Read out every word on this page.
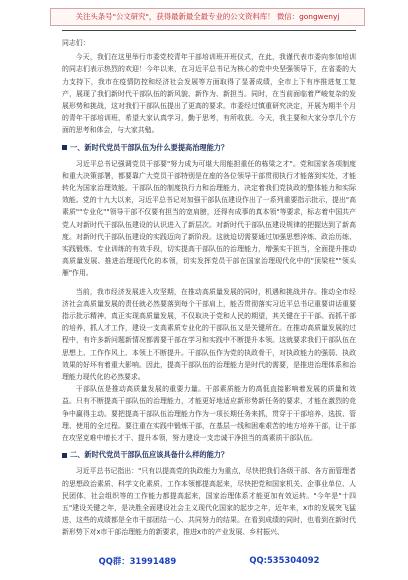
关注头条号"公文研究"，获得最新最全最专业的公文资料库！ 微信：gongwenyj

同志们：

今天，我们在这里举行市委党校青年干部培训班开班仪式，在此，我谨代表市委向参加培训的同志们表示热烈的欢迎！今年以来，在习近平总书记为核心的党中央坚强领导下，在省委的大力支持下，我市在疫情防控和经济社会发展等方面取得了显著成绩，全市上下有序推进复工复产，展现了我们新时代干部队伍的新风貌、新作为、新担当。同时，在当前面临着严峻复杂的发展形势和挑战，这对我们干部队伍提出了更高的要求。市委经过慎重研究决定，开展为期半个月的青年干部培训班，希望大家认真学习，勤于思考，有所收获。今天，我主要和大家分享几个方面的思考和体会，与大家共勉。

一、新时代党员干部队伍为什么要提高治理能力？

习近平总书记强调党员干部要"努力成为可堪大用能担重任的栋梁之才"。党和国家各项制度和重大决策部署，都要靠广大党员干部特别是在座的各位领导干部贯彻执行才能落到实处，才能转化为国家治理效能。干部队伍的制度执行力和治理能力，决定着我们党执政的整体能力和实际效能。党的十九大以来，习近平总书记对加强干部队伍建设作出了一系列重要指示批示，提出"高素质""专业化""领导干部不仅要有担当的宽肩膀，还得有成事的真本领"等要求，标志着中国共产党人对新时代干部队伍建设的认识进入了新层次。对新时代干部队伍建设规律的把握达到了新高度。对新时代干部队伍建设的实践迈向了新阶段。这就迫切需要通过加强思想淬炼、政治历练、实践锻炼、专业训练的有效手段，切实提高干部队伍的治理能力，增强实干担当，全面提升推动高质量发展、推进治理现代化的本领，切实发挥党员干部在国家治理现代化中的"顶梁柱""领头雁"作用。

当前，我市经济发展进入攻坚期，在推动高质量发展的同时，机遇和挑战并存。推动全市经济社会高质量发展的责任就必然要落到每个干部肩上，能否贯彻落实习近平总书记重要讲话重要指示批示精神、真正实现高质量发展，不仅取决于党和人民的期望，其关键在于干部。而抓干部的培养，抓人才工作，建设一支高素质专业化的干部队伍又是关键所在。在推动高质量发展的过程中，有许多新问题新情况都需要干部在学习和实践中不断提升本领。这就要求我们干部队伍在思想上、工作作风上、本领上不断提升。干部队伍作为党的执政骨干，对执政能力的强弱、执政效果的好坏有着重大影响。因此，提高干部队伍的治理能力是时代的需要，是推进治理体系和治理能力现代化的必然要求。

干部队伍是推动高质量发展的重要力量。干部素质能力的高低直接影响着发展的质量和效益。只有不断提高干部队伍的治理能力，才能更好地适应新形势新任务的要求，才能在激烈的竞争中赢得主动。要把提高干部队伍治理能力作为一项长期任务来抓，贯穿于干部培养、选拔、管理、使用的全过程。要注重在实践中锻炼干部，在基层一线和困难艰苦的地方培养干部，让干部在攻坚克难中增长才干、提升本领，努力建设一支忠诚干净担当的高素质干部队伍。

二、新时代党员干部队伍应该具备什么样的能力？

习近平总书记指出："只有以提高党的执政能力为重点，尽快把我们各级干部、各方面管理者的思想政治素质、科学文化素质、工作本领都提高起来，尽快把党和国家机关、企事业单位、人民团体、社会组织等的工作能力都提高起来，国家治理体系才能更加有效运转。"今年是"十四五"建设关键之年，是决胜全面建设社会主义现代化国家的起步之年，近年来，x市的发展突飞猛进，这些的成绩都是全市干部团结一心、共同努力的结果。在看到成绩的同时，也看到在新时代新形势下对x市干部治理能力的新要求，推进x市的产业发展、乡村振兴、

QQ群：31991489	QQ:535304092
